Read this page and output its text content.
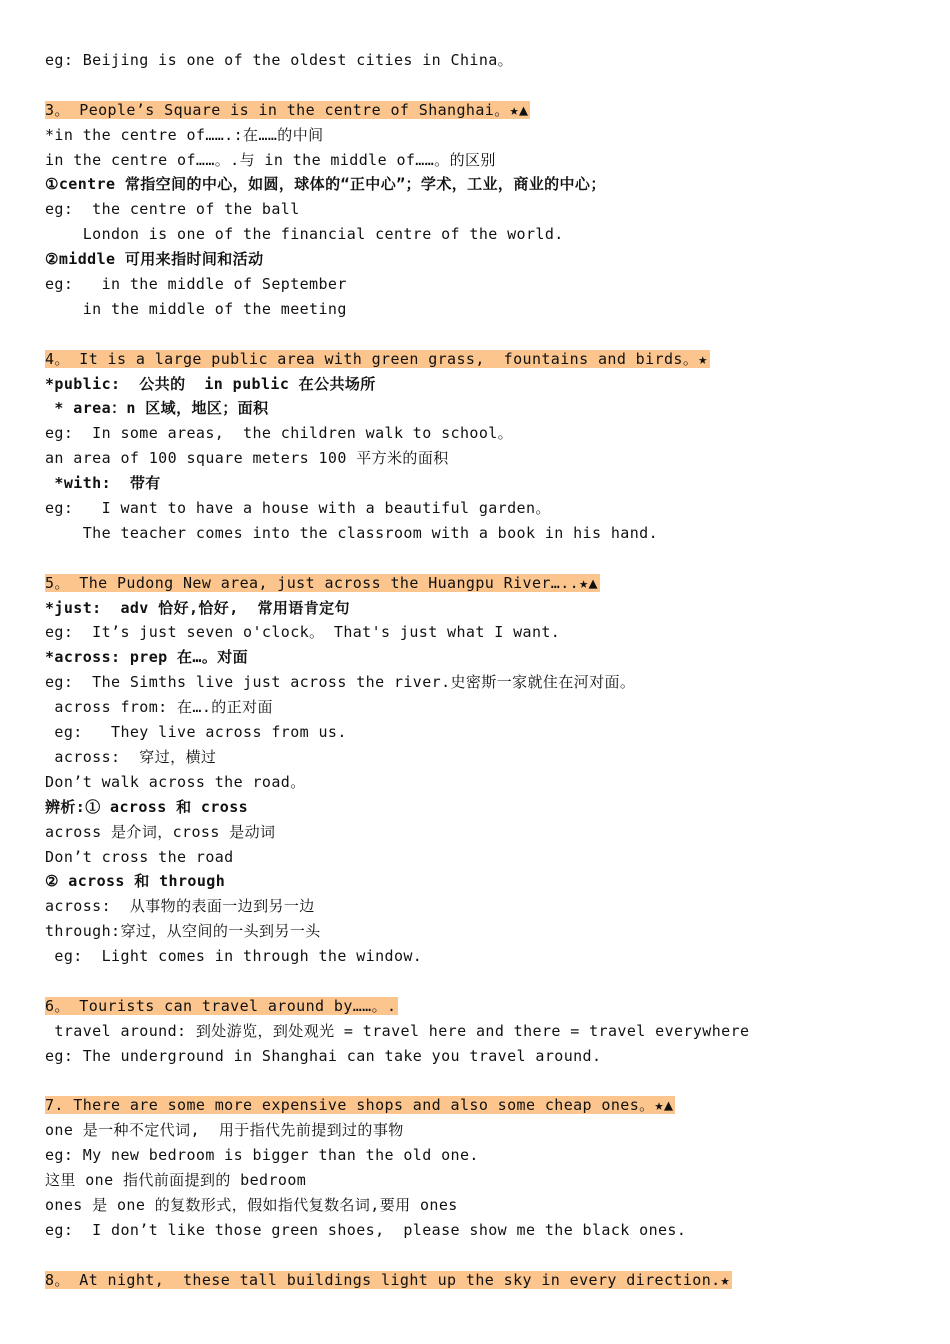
eg: Beijing is one of the oldest cities in China。
3。 People’s Square is in the centre of Shanghai。★▲
*in the centre of…….:在……的中间
in the centre of……。.与 in the middle of……。的区别
①centre 常指空间的中心，如圆，球体的“正中心”；学术，工业，商业的中心；
eg:  the centre of the ball
London is one of the financial centre of the world.
②middle 可用来指时间和活动
eg:   in the middle of September
in the middle of the meeting
4。 It is a large public area with green grass,  fountains and birds。★
*public:  公共的  in public 在公共场所
* area：n 区域，地区；面积
eg:  In some areas,  the children walk to school。
an area of 100 square meters 100 平方米的面积
*with:  带有
eg:   I want to have a house with a beautiful garden。
The teacher comes into the classroom with a book in his hand.
5。 The Pudong New area, just across the Huangpu River…..★▲
*just:  adv 恰好,恰好,  常用语肯定句
eg:  It’s just seven o'clock。 That's just what I want.
*across: prep 在…。对面
eg:  The Simths live just across the river.史密斯一家就住在河对面。
across from: 在….的正对面
eg:   They live across from us.
across:  穿过，横过
Don’t walk across the road。
辨析:① across 和 cross
across 是介词，cross 是动词
Don’t cross the road
② across 和 through
across:  从事物的表面一边到另一边
through:穿过，从空间的一头到另一头
eg:  Light comes in through the window.
6。 Tourists can travel around by……。.
travel around: 到处游览，到处观光 = travel here and there = travel everywhere
eg: The underground in Shanghai can take you travel around.
7. There are some more expensive shops and also some cheap ones。★▲
one 是一种不定代词,  用于指代先前提到过的事物
eg: My new bedroom is bigger than the old one.
这里 one 指代前面提到的 bedroom
ones 是 one 的复数形式，假如指代复数名词,要用 ones
eg:  I don’t like those green shoes,  please show me the black ones.
8。 At night,  these tall buildings light up the sky in every direction.★
